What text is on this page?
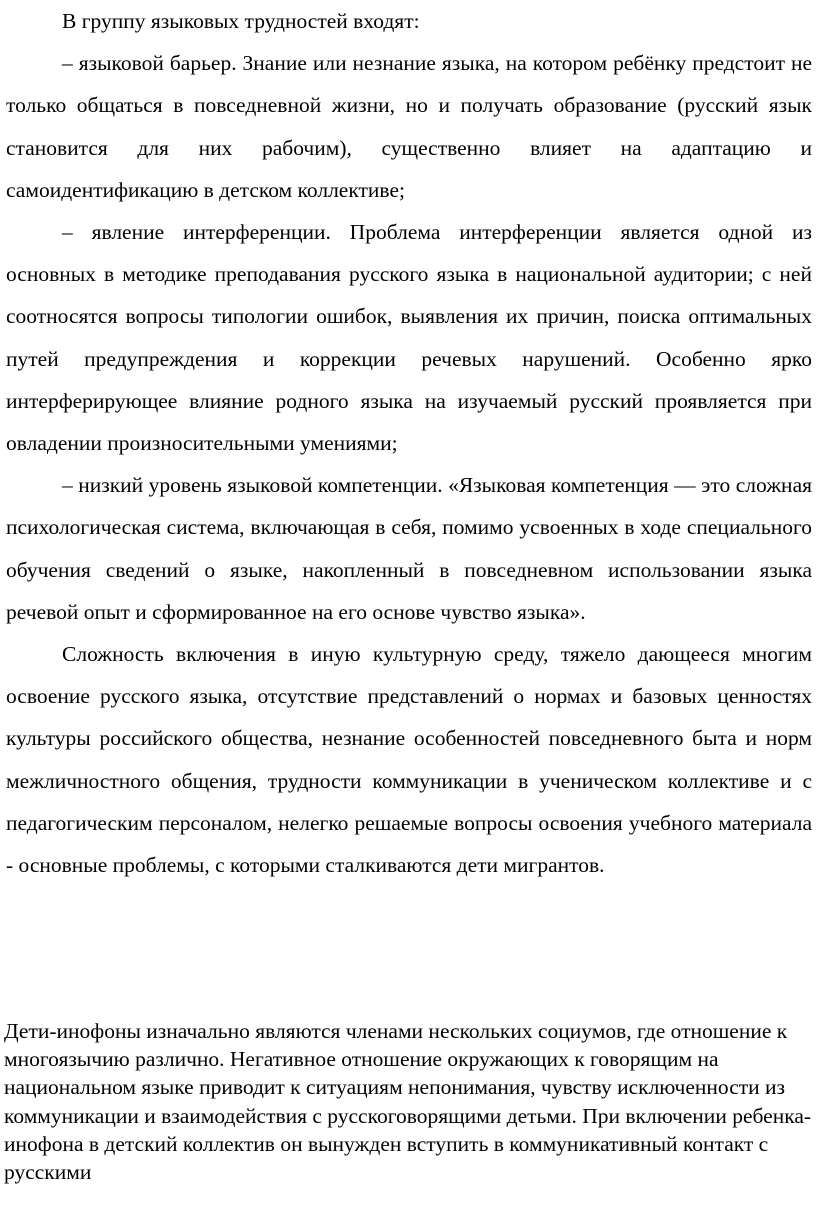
В группу языковых трудностей входят:

– языковой барьер. Знание или незнание языка, на котором ребёнку предстоит не только общаться в повседневной жизни, но и получать образование (русский язык становится для них рабочим), существенно влияет на адаптацию и самоидентификацию в детском коллективе;

– явление интерференции. Проблема интерференции является одной из основных в методике преподавания русского языка в национальной аудитории; с ней соотносятся вопросы типологии ошибок, выявления их причин, поиска оптимальных путей предупреждения и коррекции речевых нарушений. Особенно ярко интерферирующее влияние родного языка на изучаемый русский проявляется при овладении произносительными умениями;

– низкий уровень языковой компетенции. «Языковая компетенция — это сложная психологическая система, включающая в себя, помимо усвоенных в ходе специального обучения сведений о языке, накопленный в повседневном использовании языка речевой опыт и сформированное на его основе чувство языка».

Сложность включения в иную культурную среду, тяжело дающееся многим освоение русского языка, отсутствие представлений о нормах и базовых ценностях культуры российского общества, незнание особенностей повседневного быта и норм межличностного общения, трудности коммуникации в ученическом коллективе и с педагогическим персоналом, нелегко решаемые вопросы освоения учебного материала - основные проблемы, с которыми сталкиваются дети мигрантов.

Дети-инофоны изначально являются членами нескольких социумов, где отношение к многоязычию различно. Негативное отношение окружающих к говорящим на национальном языке приводит к ситуациям непонимания, чувству исключенности из коммуникации и взаимодействия с русскоговорящими детьми. При включении ребенка-инофона в детский коллектив он вынужден вступить в коммуникативный контакт с русскими
